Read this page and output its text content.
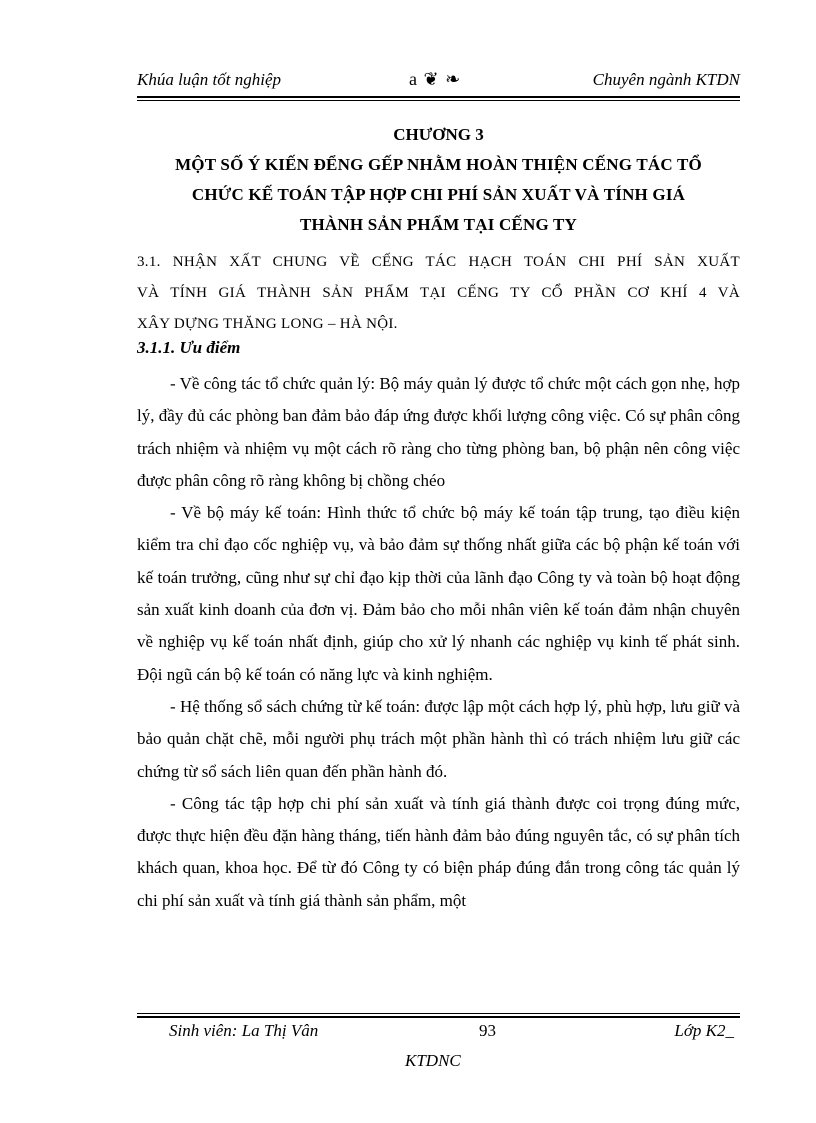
Khúa luận tốt nghiệp	a ❦ ❧	Chuyên ngành KTDN
CHƯƠNG 3
MỘT SỐ Ý KIẾN ĐỂNG GẾP NHẰM HOÀN THIỆN CẾNG TÁC TỔ
CHỨC KẾ TOÁN TẬP HỢP CHI PHÍ SẢN XUẤT VÀ TÍNH GIÁ
THÀNH SẢN PHẨM TẠI CẾNG TY
3.1. NHẬN XẤT CHUNG VỀ CẾNG TÁC HẠCH TOÁN CHI PHÍ SẢN XUẤT
VÀ TÍNH GIÁ THÀNH SẢN PHẨM TẠI CẾNG TY CỔ PHẦN CƠ KHÍ 4 VÀ
XÂY DỰNG THĂNG LONG – HÀ NỘI.
3.1.1. Ưu điểm

- Về công tác tổ chức quản lý: Bộ máy quản lý được tổ chức một cách gọn nhẹ, hợp lý, đầy đủ các phòng ban đảm bảo đáp ứng được khối lượng công việc. Có sự phân công trách nhiệm và nhiệm vụ một cách rõ ràng cho từng phòng ban, bộ phận nên công việc được phân công rõ ràng không bị chồng chéo

- Về bộ máy kế toán: Hình thức tổ chức bộ máy kế toán tập trung, tạo điều kiện kiểm tra chỉ đạo cốc nghiệp vụ, và bảo đảm sự thống nhất giữa các bộ phận kế toán với kế toán trưởng, cũng như sự chỉ đạo kịp thời của lãnh đạo Công ty và toàn bộ hoạt động sản xuất kinh doanh của đơn vị. Đảm bảo cho mỗi nhân viên kế toán đảm nhận chuyên về nghiệp vụ kế toán nhất định, giúp cho xử lý nhanh các nghiệp vụ kinh tế phát sinh. Đội ngũ cán bộ kế toán có năng lực và kinh nghiệm.

- Hệ thống sổ sách chứng từ kế toán: được lập một cách hợp lý, phù hợp, lưu giữ và bảo quản chặt chẽ, mỗi người phụ trách một phần hành thì có trách nhiệm lưu giữ các chứng từ sổ sách liên quan đến phần hành đó.

- Công tác tập hợp chi phí sản xuất và tính giá thành được coi trọng đúng mức, được thực hiện đều đặn hàng tháng, tiến hành đảm bảo đúng nguyên tắc, có sự phân tích khách quan, khoa học. Để từ đó Công ty có biện pháp đúng đắn trong công tác quản lý chi phí sản xuất và tính giá thành sản phẩm, một

Sinh viên: La Thị Vân	93	Lớp K2_
KTDNC
